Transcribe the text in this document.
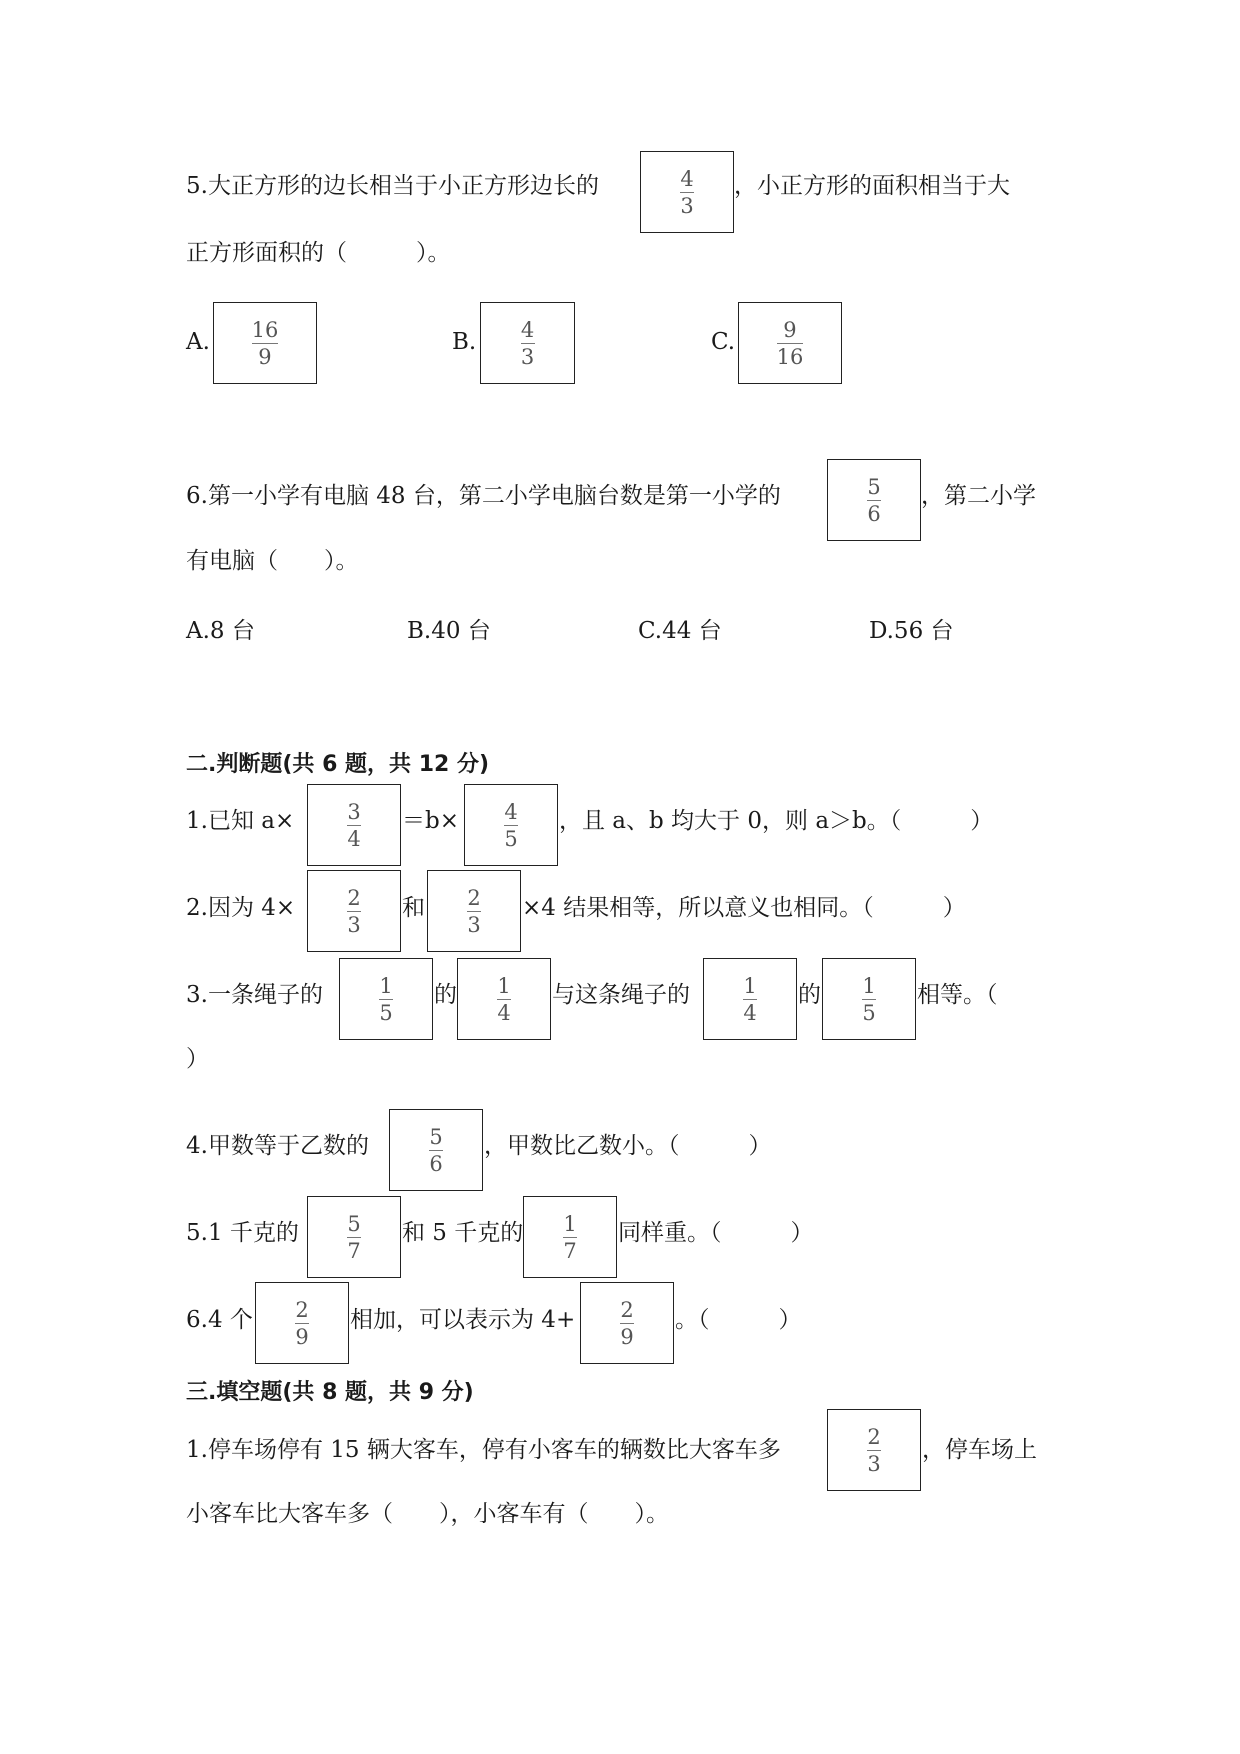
5.大正方形的边长相当于小正方形边长的	$\frac{4}{3}$ ，小正方形的面积相当于大
正方形面积的（　　　）。
A. $\frac{16}{9}$	B. $\frac{4}{3}$	C. $\frac{9}{16}$
6.第一小学有电脑 48 台，第二小学电脑台数是第一小学的	$\frac{5}{6}$ ，第二小学
有电脑（　　）。
A.8 台	B.40 台	C.44 台	D.56 台
二.判断题(共 6 题，共 12 分)
1.已知 a×	$\frac{3}{4} =b\times \frac{4}{5}$ ，且 a、b 均大于 0，则 a＞b。（　　　）
2.因为 $4\times \frac{2}{3}$ 和 $\frac{2}{3} \times 4$ 结果相等，所以意义也相同。（　　　）
3.一条绳子的	$\frac{1}{5}$ 的 $\frac{1}{4}$ 与这条绳子的	$\frac{1}{4}$ 的 $\frac{1}{5}$ 相等。（
）
4.甲数等于乙数的	$\frac{5}{6}$ ，甲数比乙数小。（　　　）
5.1 千克的 $\frac{5}{7}$ 和 5 千克的 $\frac{1}{7}$ 同样重。（　　　）
6.4 个 $\frac{2}{9}$ 相加，可以表示为 $4+ \frac{2}{9}$ 。（　　　）
三.填空题(共 8 题，共 9 分)
1.停车场停有 15 辆大客车，停有小客车的辆数比大客车多	$\frac{2}{3}$ ，停车场上
小客车比大客车多（　　），小客车有（　　）。
